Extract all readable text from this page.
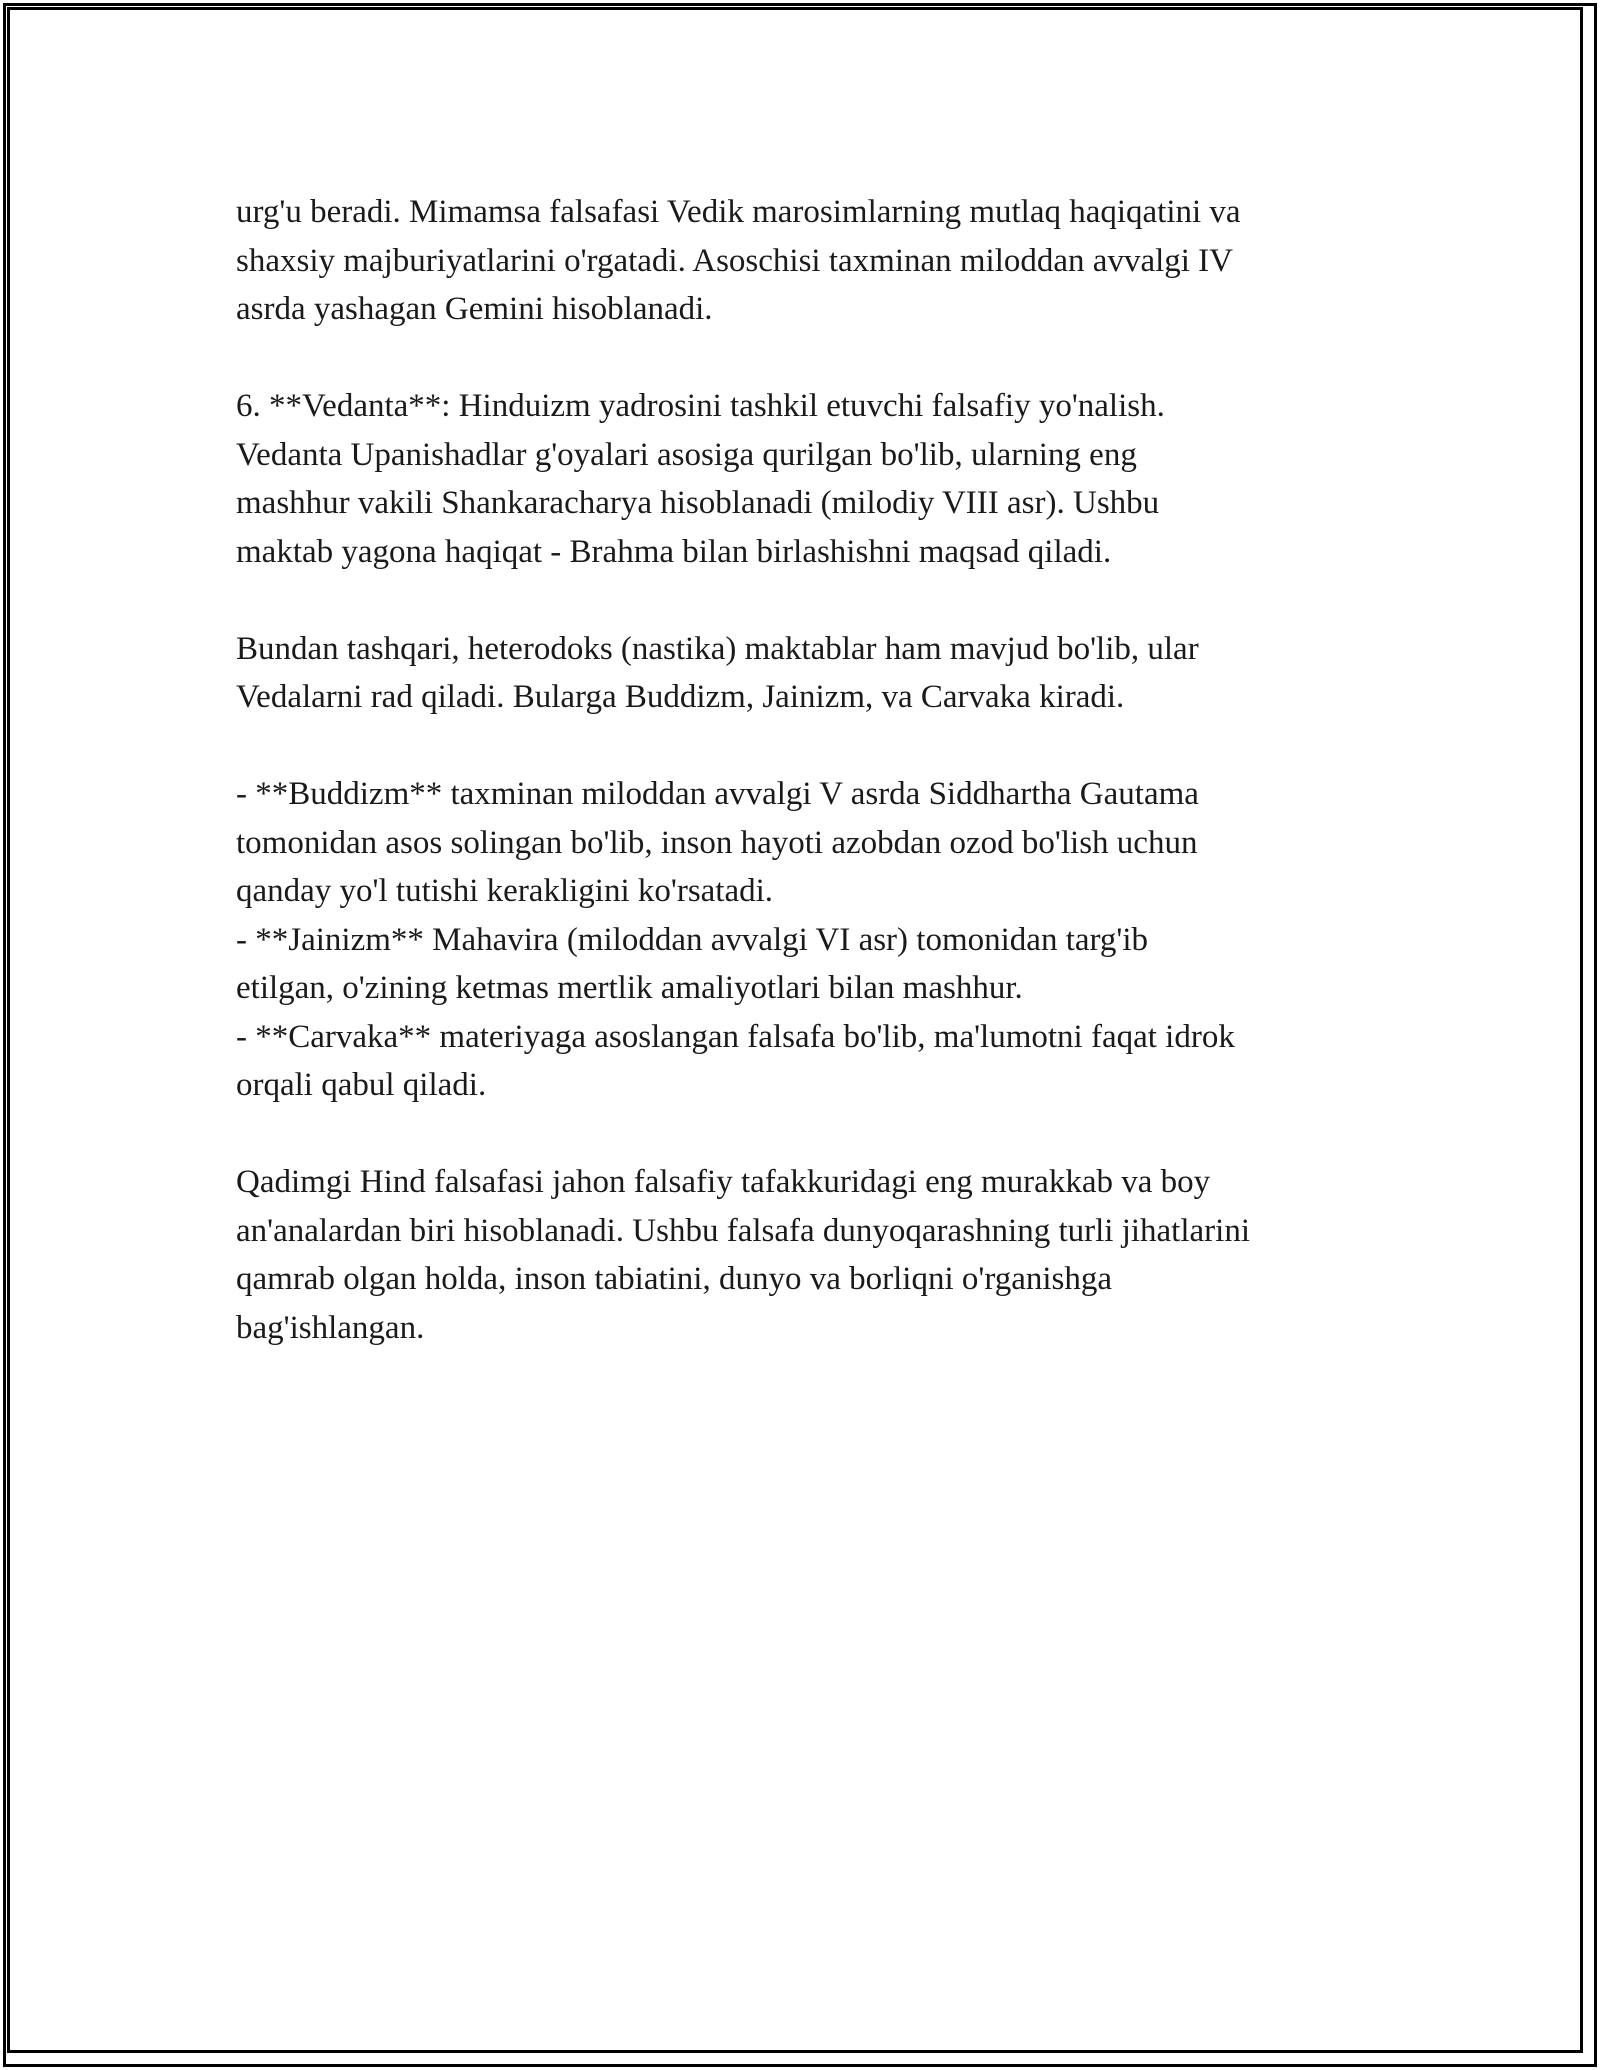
urg'u beradi. Mimamsa falsafasi Vedik marosimlarning mutlaq haqiqatini va
shaxsiy majburiyatlarini o'rgatadi. Asoschisi taxminan miloddan avvalgi IV
asrda yashagan Gemini hisoblanadi.

6. **Vedanta**: Hinduizm yadrosini tashkil etuvchi falsafiy yo'nalish.
Vedanta Upanishadlar g'oyalari asosiga qurilgan bo'lib, ularning eng
mashhur vakili Shankaracharya hisoblanadi (milodiy VIII asr). Ushbu
maktab yagona haqiqat - Brahma bilan birlashishni maqsad qiladi.

Bundan tashqari, heterodoks (nastika) maktablar ham mavjud bo'lib, ular
Vedalarni rad qiladi. Bularga Buddizm, Jainizm, va Carvaka kiradi.

- **Buddizm** taxminan miloddan avvalgi V asrda Siddhartha Gautama
tomonidan asos solingan bo'lib, inson hayoti azobdan ozod bo'lish uchun
qanday yo'l tutishi kerakligini ko'rsatadi.
- **Jainizm** Mahavira (miloddan avvalgi VI asr) tomonidan targ'ib
etilgan, o'zining ketmas mertlik amaliyotlari bilan mashhur.
- **Carvaka** materiyaga asoslangan falsafa bo'lib, ma'lumotni faqat idrok
orqali qabul qiladi.

Qadimgi Hind falsafasi jahon falsafiy tafakkuridagi eng murakkab va boy
an'analardan biri hisoblanadi. Ushbu falsafa dunyoqarashning turli jihatlarini
qamrab olgan holda, inson tabiatini, dunyo va borliqni o'rganishga
bag'ishlangan.
